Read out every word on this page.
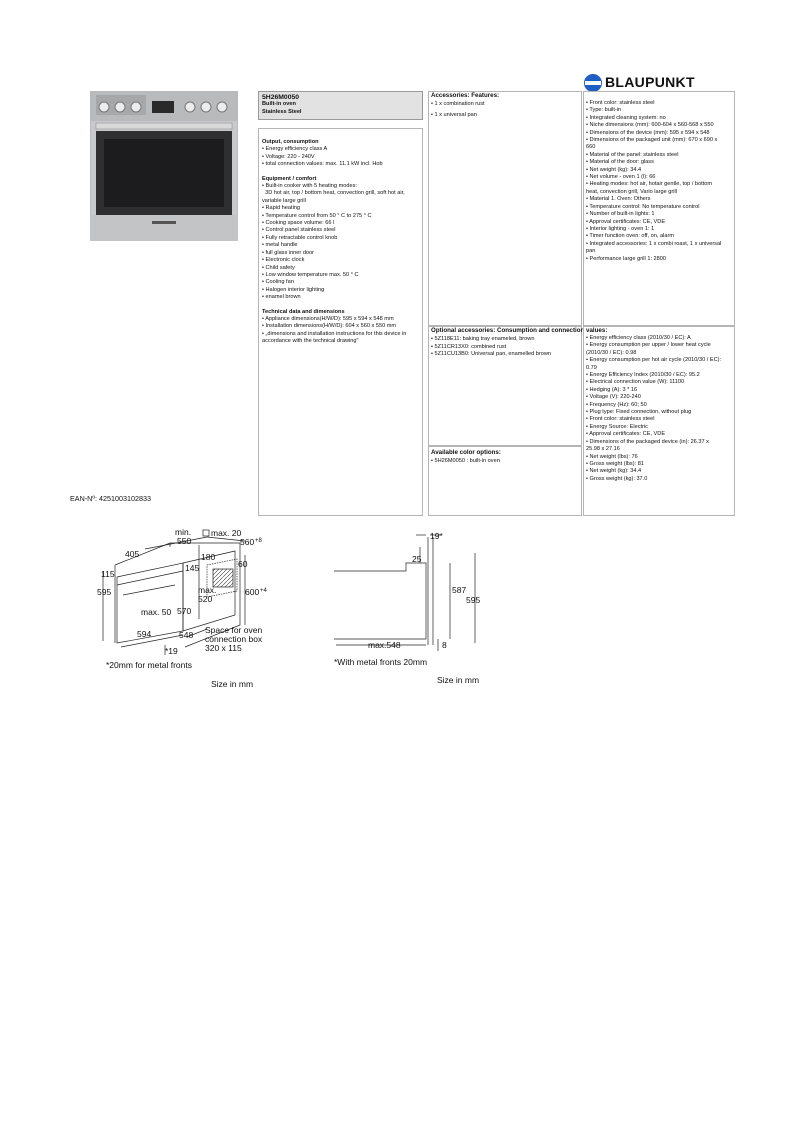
BLAUPUNKT
5H26M0050
Built-in oven
Stainless Steel
Output, consumption
• Energy efficiency class A
• Voltage: 220 - 240V
• total connection values: max. 11.1 kW incl. Hob
Equipment / comfort
• Built-in cooker with 5 heating modes:
3D hot air, top / bottom heat, convection grill, soft hot air,
variable large grill
• Rapid heating
• Temperature control from 50 ° C to 275 ° C
• Cooking space volume: 66 l
• Control panel stainless steel
• Fully retractable control knob
• metal handle
• full glass inner door
• Electronic clock
• Child safety
• Low window temperature max. 50 ° C
• Cooling fan
• Halogen interior lighting
• enamel brown
Technical data and dimensions
• Appliance dimensions(H/W/D): 595 x 594 x 548 mm
• Installation dimensions(H/W/D): 604 x 560 x 550 mm
• „dimensions and installation instructions for this device in
accordance with the technical drawing"
Accessories: Features:
• 1 x combination rust
• 1 x universal pan
Optional accessories: Consumption and connection values:
• 5Z118E11: baking tray enameled, brown
• 5Z11CR13X0: combined rust
• 5Z11CU13B0: Universal pan, enamelled brown
Available color options:
• 5H26M0050 : built-in oven
• Front color: stainless steel
• Type: built-in
• Integrated cleaning system: no
• Niche dimensions (mm): 600-604 x 560-568 x 550
• Dimensions of the device (mm): 595 x 594 x 548
• Dimensions of the packaged unit (mm): 670 x 690 x
660
• Material of the panel: stainless steel
• Material of the door: glass
• Net weight (kg): 34.4
• Net volume - oven 1 (l): 66
• Heating modes: hot air, hotair gentle, top / bottom
heat, convection grill, Vario large grill
• Material 1. Oven: Others
• Temperature control: No temperature control
• Number of built-in lights: 1
• Approval certificates: CE, VDE
• Interior lighting - oven 1: 1
• Timer function oven: off, on, alarm
• Integrated accessories: 1 x combi roast, 1 x universal
pan
• Performance large grill 1: 2800
• Energy efficiency class (2010/30 / EC): A
• Energy consumption per upper / lower heat cycle
(2010/30 / EC): 0.98
• Energy consumption per hot air cycle (2010/30 / EC):
0.79
• Energy Efficiency Index (2010/30 / EC): 95.2
• Electrical connection value (W): 11100
• Hedging (A): 3 * 16
• Voltage (V): 220-240
• Frequency (Hz): 60; 50
• Plug type: Fixed connection, without plug
• Front color: stainless steel
• Energy Source: Electric
• Approval certificates: CE, VDE
• Dimensions of the packaged device (in): 26.37 x
25.98 x 27.16
• Net weight (lbs): 76
• Gross weight (lbs): 81
• Net weight (kg): 34.4
• Gross weight (kg): 37.0
EAN-Nº: 4251003102833
min.
550
max. 20
560 +8
405	180
60
145
115
595	max.
520
600 +4
max. 50 570
594	548
*19
Space for oven
connection box
320 x 115
*20mm for metal fronts
Size in mm
19*
25
587
595
max.548	8
*With metal fronts 20mm
Size in mm
